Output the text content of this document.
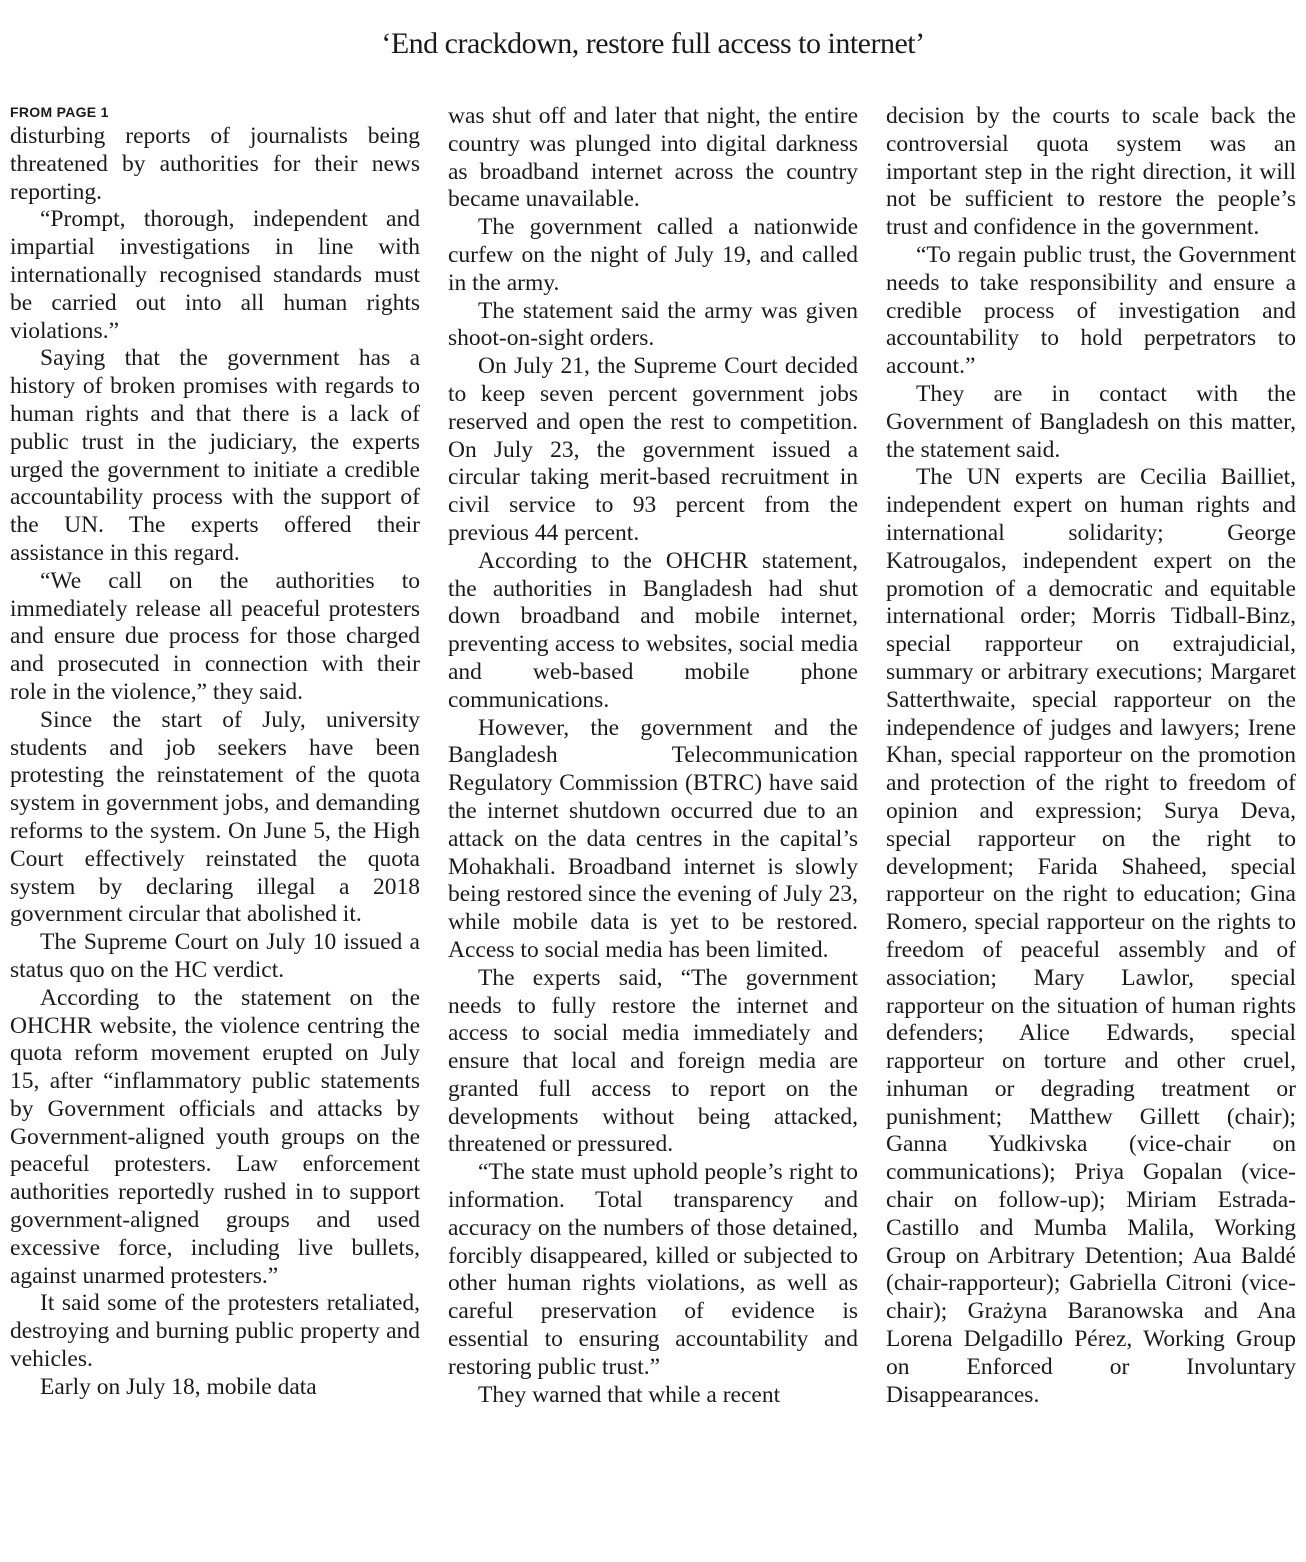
‘End crackdown, restore full access to internet’
FROM PAGE 1

disturbing reports of journalists being threatened by authorities for their news reporting.

“Prompt, thorough, independent and impartial investigations in line with internationally recognised standards must be carried out into all human rights violations.”

Saying that the government has a history of broken promises with regards to human rights and that there is a lack of public trust in the judiciary, the experts urged the government to initiate a credible accountability process with the support of the UN. The experts offered their assistance in this regard.

“We call on the authorities to immediately release all peaceful protesters and ensure due process for those charged and prosecuted in connection with their role in the violence,” they said.

Since the start of July, university students and job seekers have been protesting the reinstatement of the quota system in government jobs, and demanding reforms to the system. On June 5, the High Court effectively reinstated the quota system by declaring illegal a 2018 government circular that abolished it.

The Supreme Court on July 10 issued a status quo on the HC verdict.

According to the statement on the OHCHR website, the violence centring the quota reform movement erupted on July 15, after “inflammatory public statements by Government officials and attacks by Government-aligned youth groups on the peaceful protesters. Law enforcement authorities reportedly rushed in to support government-aligned groups and used excessive force, including live bullets, against unarmed protesters.”

It said some of the protesters retaliated, destroying and burning public property and vehicles.

Early on July 18, mobile data

was shut off and later that night, the entire country was plunged into digital darkness as broadband internet across the country became unavailable.

The government called a nationwide curfew on the night of July 19, and called in the army.

The statement said the army was given shoot-on-sight orders.

On July 21, the Supreme Court decided to keep seven percent government jobs reserved and open the rest to competition. On July 23, the government issued a circular taking merit-based recruitment in civil service to 93 percent from the previous 44 percent.

According to the OHCHR statement, the authorities in Bangladesh had shut down broadband and mobile internet, preventing access to websites, social media and web-based mobile phone communications.

However, the government and the Bangladesh Telecommunication Regulatory Commission (BTRC) have said the internet shutdown occurred due to an attack on the data centres in the capital’s Mohakhali. Broadband internet is slowly being restored since the evening of July 23, while mobile data is yet to be restored. Access to social media has been limited.

The experts said, “The government needs to fully restore the internet and access to social media immediately and ensure that local and foreign media are granted full access to report on the developments without being attacked, threatened or pressured.

“The state must uphold people’s right to information. Total transparency and accuracy on the numbers of those detained, forcibly disappeared, killed or subjected to other human rights violations, as well as careful preservation of evidence is essential to ensuring accountability and restoring public trust.”

They warned that while a recent

decision by the courts to scale back the controversial quota system was an important step in the right direction, it will not be sufficient to restore the people’s trust and confidence in the government.

“To regain public trust, the Government needs to take responsibility and ensure a credible process of investigation and accountability to hold perpetrators to account.”

They are in contact with the Government of Bangladesh on this matter, the statement said.

The UN experts are Cecilia Bailliet, independent expert on human rights and international solidarity; George Katrougalos, independent expert on the promotion of a democratic and equitable international order; Morris Tidball-Binz, special rapporteur on extrajudicial, summary or arbitrary executions; Margaret Satterthwaite, special rapporteur on the independence of judges and lawyers; Irene Khan, special rapporteur on the promotion and protection of the right to freedom of opinion and expression; Surya Deva, special rapporteur on the right to development; Farida Shaheed, special rapporteur on the right to education; Gina Romero, special rapporteur on the rights to freedom of peaceful assembly and of association; Mary Lawlor, special rapporteur on the situation of human rights defenders; Alice Edwards, special rapporteur on torture and other cruel, inhuman or degrading treatment or punishment; Matthew Gillett (chair); Ganna Yudkivska (vice-chair on communications); Priya Gopalan (vice-chair on follow-up); Miriam Estrada-Castillo and Mumba Malila, Working Group on Arbitrary Detention; Aua Baldé (chair-rapporteur); Gabriella Citroni (vice-chair); Grażyna Baranowska and Ana Lorena Delgadillo Pérez, Working Group on Enforced or Involuntary Disappearances.
